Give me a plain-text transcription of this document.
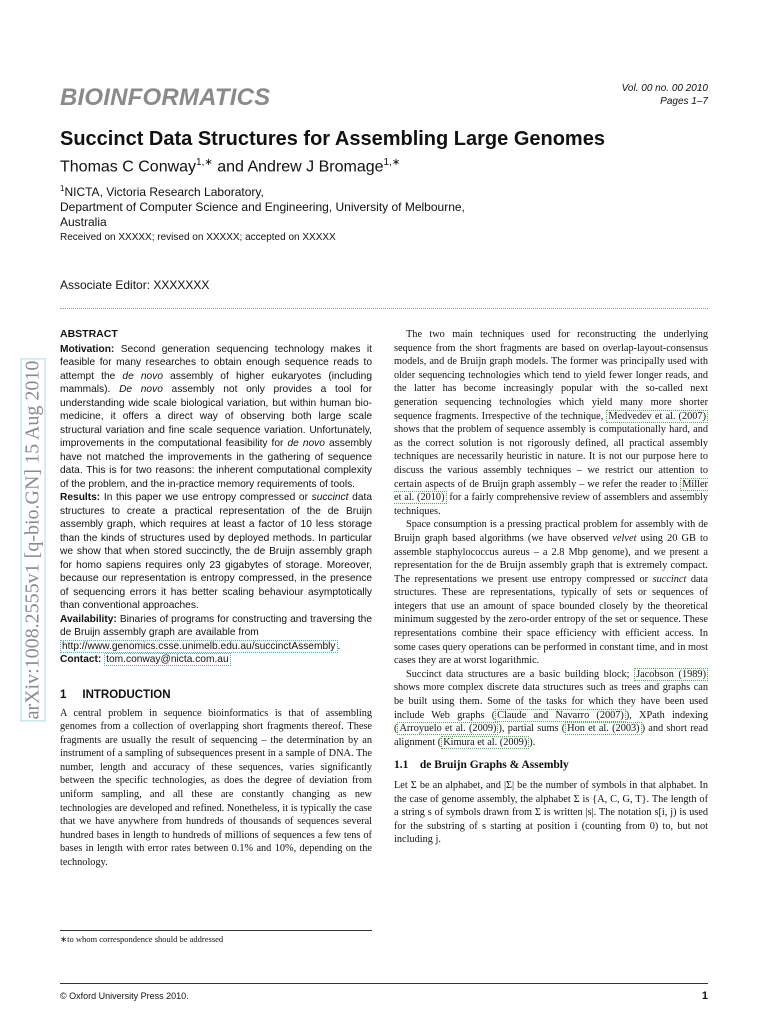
BIOINFORMATICS	Vol. 00 no. 00 2010
Pages 1–7
Succinct Data Structures for Assembling Large Genomes
Thomas C Conway$^{1,∗}$ and Andrew J Bromage$^{1,∗}$
$^1$NICTA, Victoria Research Laboratory,
Department of Computer Science and Engineering, University of Melbourne,
Australia
Received on XXXXX; revised on XXXXX; accepted on XXXXX
Associate Editor: XXXXXXX
arXiv:1008.2555v1 [q-bio.GN] 15 Aug 2010

ABSTRACT

Motivation: Second generation sequencing technology makes it feasible for many researches to obtain enough sequence reads to attempt the de novo assembly of higher eukaryotes (including mammals). De novo assembly not only provides a tool for understanding wide scale biological variation, but within human bio-medicine, it offers a direct way of observing both large scale structural variation and fine scale sequence variation. Unfortunately, improvements in the computational feasibility for de novo assembly have not matched the improvements in the gathering of sequence data. This is for two reasons: the inherent computational complexity of the problem, and the in-practice memory requirements of tools.

Results: In this paper we use entropy compressed or succinct data structures to create a practical representation of the de Bruijn assembly graph, which requires at least a factor of 10 less storage than the kinds of structures used by deployed methods. In particular we show that when stored succinctly, the de Bruijn assembly graph for homo sapiens requires only 23 gigabytes of storage. Moreover, because our representation is entropy compressed, in the presence of sequencing errors it has better scaling behaviour asymptotically than conventional approaches.

Availability: Binaries of programs for constructing and traversing the de Bruijn assembly graph are available from
http://www.genomics.csse.unimelb.edu.au/succinctAssembly .

Contact: tom.conway@nicta.com.au

1     INTRODUCTION

A central problem in sequence bioinformatics is that of assembling genomes from a collection of overlapping short fragments thereof. These fragments are usually the result of sequencing – the determination by an instrument of a sampling of subsequences present in a sample of DNA. The number, length and accuracy of these sequences, varies significantly between the specific technologies, as does the degree of deviation from uniform sampling, and all these are constantly changing as new technologies are developed and refined. Nonetheless, it is typically the case that we have anywhere from hundreds of thousands of sequences several hundred bases in length to hundreds of millions of sequences a few tens of bases in length with error rates between 0.1% and 10%, depending on the technology.

∗to whom correspondence should be addressed

The two main techniques used for reconstructing the underlying sequence from the short fragments are based on overlap-layout-consensus models, and de Bruijn graph models. The former was principally used with older sequencing technologies which tend to yield fewer longer reads, and the latter has become increasingly popular with the so-called next generation sequencing technologies which yield many more shorter sequence fragments. Irrespective of the technique, Medvedev et al. (2007) shows that the problem of sequence assembly is computationally hard, and as the correct solution is not rigorously defined, all practical assembly techniques are necessarily heuristic in nature. It is not our purpose here to discuss the various assembly techniques – we restrict our attention to certain aspects of de Bruijn graph assembly – we refer the reader to Miller et al. (2010) for a fairly comprehensive review of assemblers and assembly techniques.

Space consumption is a pressing practical problem for assembly with de Bruijn graph based algorithms (we have observed velvet using 20 GB to assemble staphylococcus aureus – a 2.8 Mbp genome), and we present a representation for the de Bruijn assembly graph that is extremely compact. The representations we present use entropy compressed or succinct data structures. These are representations, typically of sets or sequences of integers that use an amount of space bounded closely by the theoretical minimum suggested by the zero-order entropy of the set or sequence. These representations combine their space efficiency with efficient access. In some cases query operations can be performed in constant time, and in most cases they are at worst logarithmic.

Succinct data structures are a basic building block; Jacobson (1989) shows more complex discrete data structures such as trees and graphs can be built using them. Some of the tasks for which they have been used include Web graphs ( Claude and Navarro (2007) ), XPath indexing ( Arroyuelo et al. (2009) ), partial sums ( Hon et al. (2003) ) and short read alignment ( Kimura et al. (2009) ).

1.1    de Bruijn Graphs & Assembly

Let Σ be an alphabet, and |Σ| be the number of symbols in that alphabet. In the case of genome assembly, the alphabet Σ is {A, C, G, T}. The length of a string s of symbols drawn from Σ is written |s|. The notation s[i, j) is used for the substring of s starting at position i (counting from 0) to, but not including j.

© Oxford University Press 2010.	1
